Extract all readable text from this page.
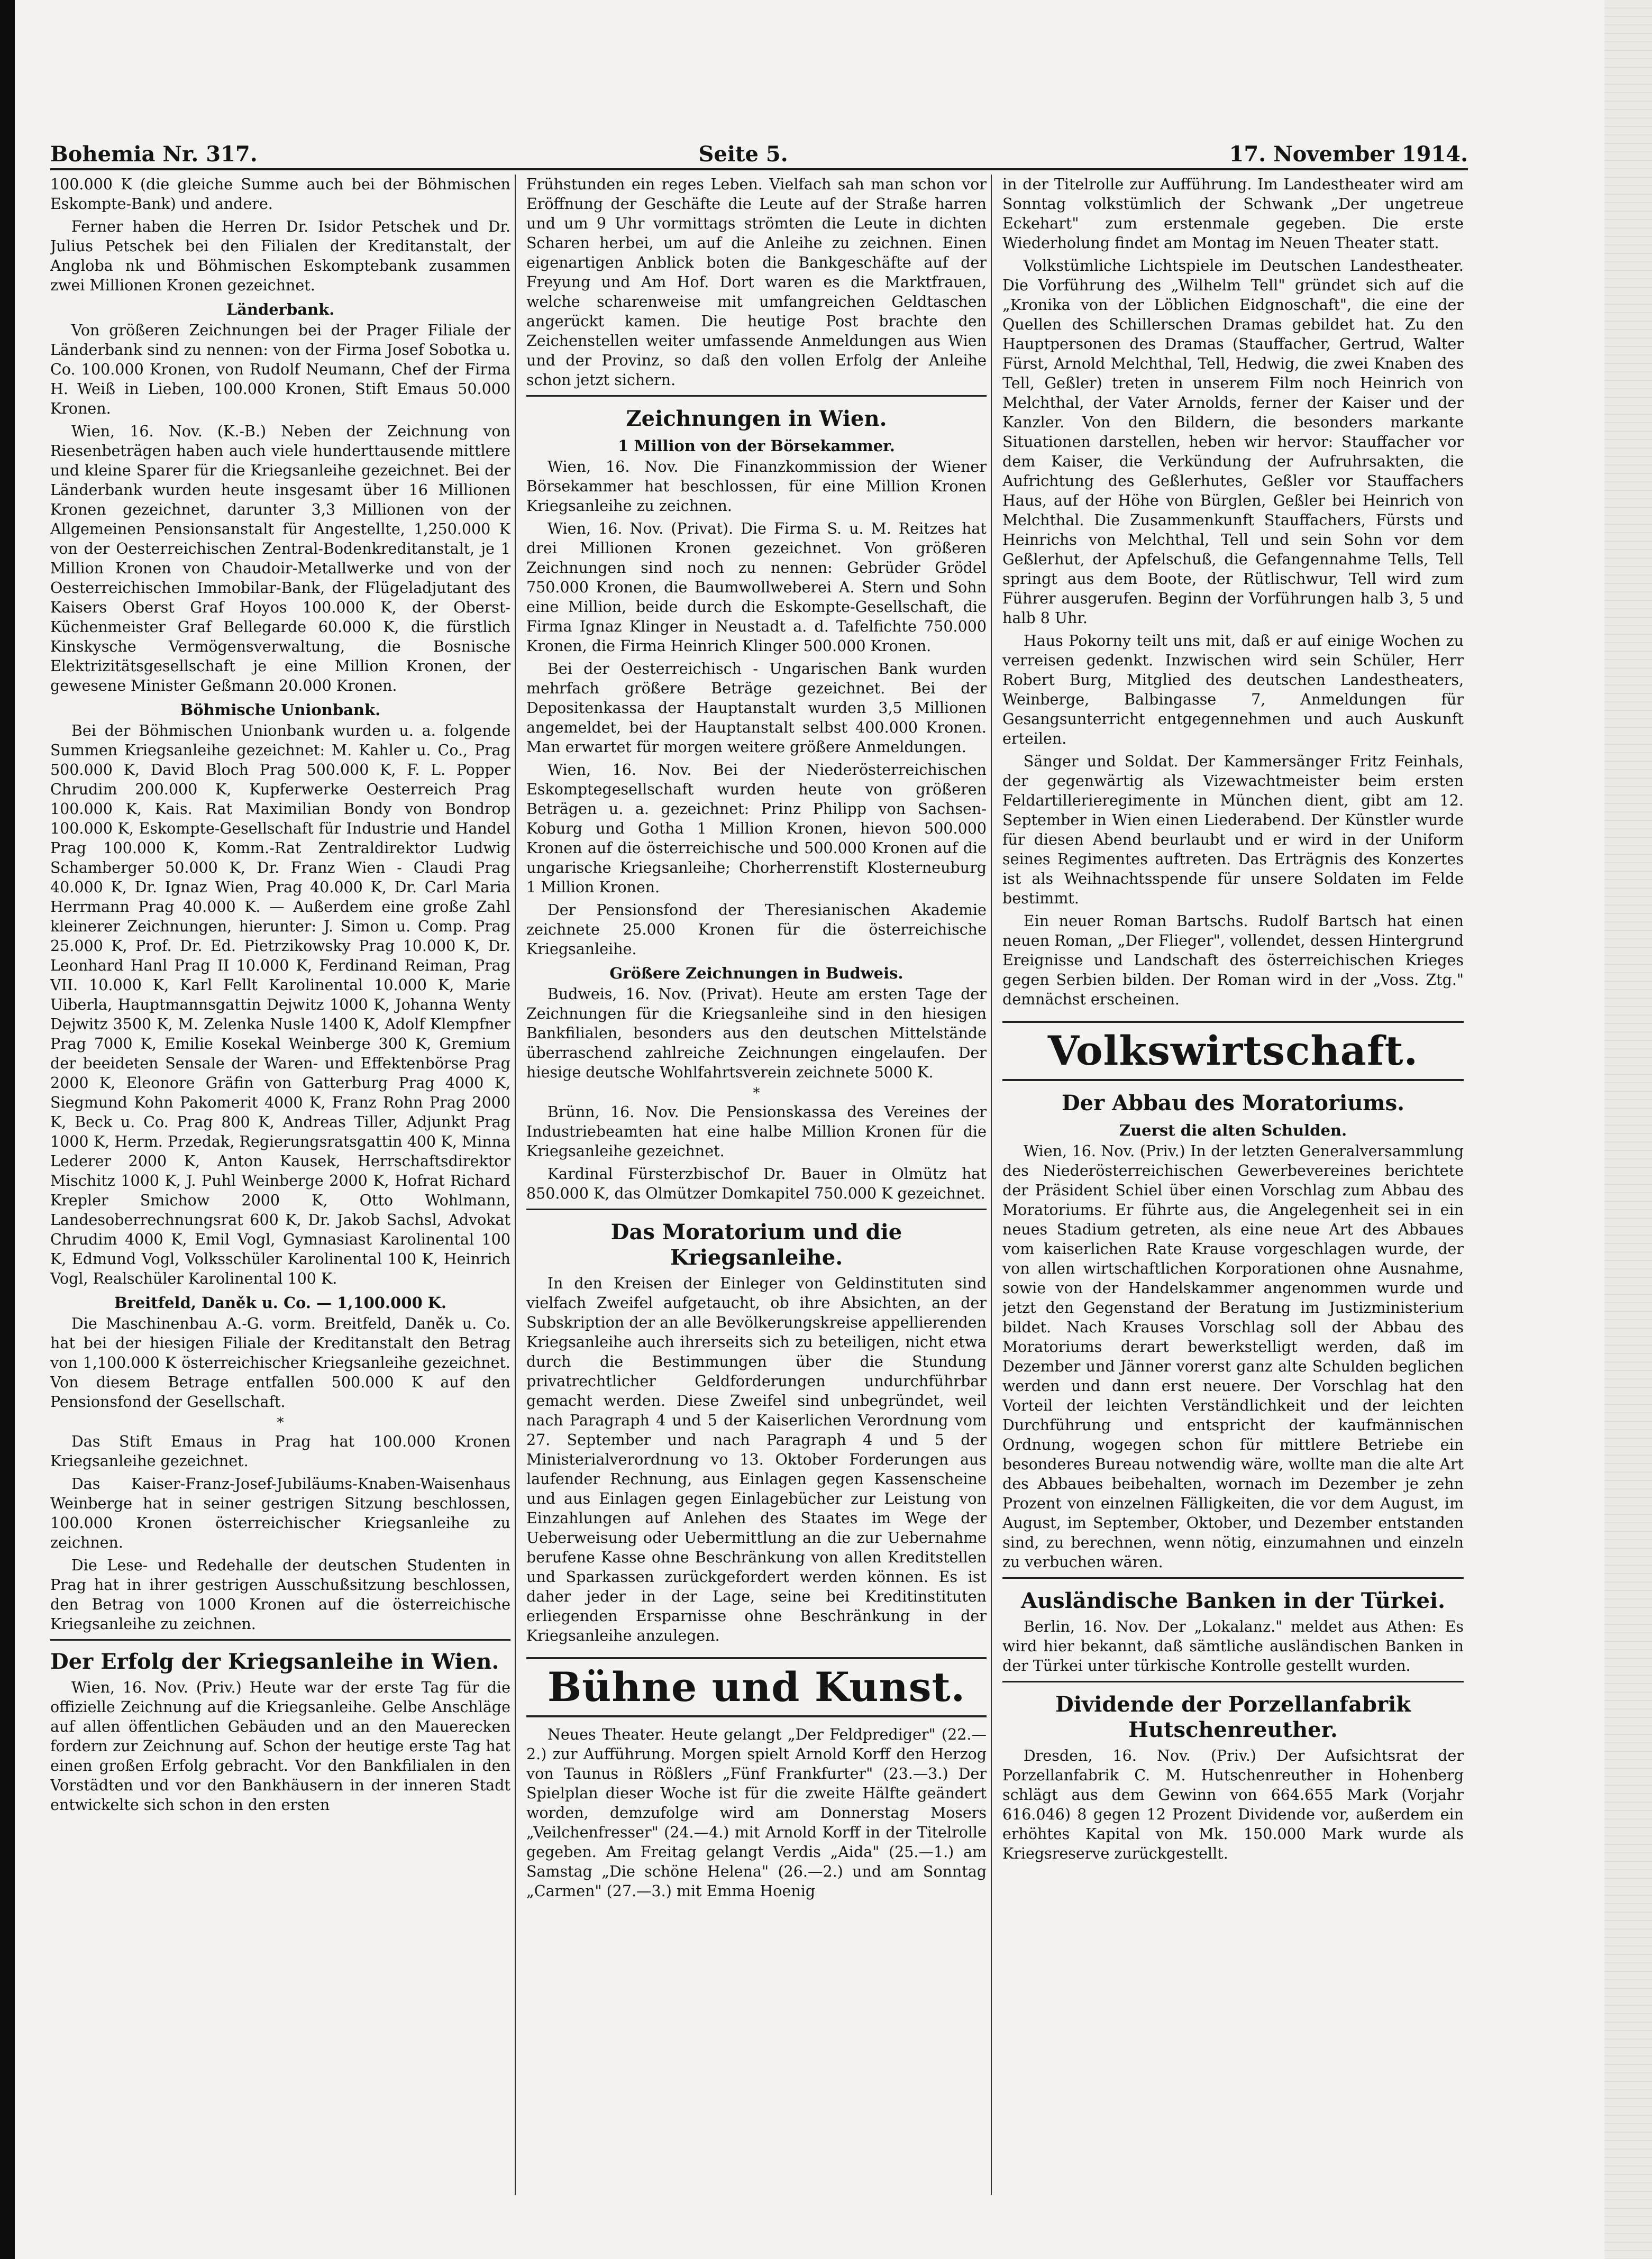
Bohemia Nr. 317.	Seite 5.	17. November 1914.

100.000 K (die gleiche Summe auch bei der Böhmischen Eskompte-Bank) und andere.

Ferner haben die Herren Dr. Isidor Petschek und Dr. Julius Petschek bei den Filialen der Kreditanstalt, der Angloba nk und Böhmischen Eskomptebank zusammen zwei Millionen Kronen gezeichnet.

Länderbank.

Von größeren Zeichnungen bei der Prager Filiale der Länderbank sind zu nennen: von der Firma Josef Sobotka u. Co. 100.000 Kronen, von Rudolf Neumann, Chef der Firma H. Weiß in Lieben, 100.000 Kronen, Stift Emaus 50.000 Kronen.

Wien, 16. Nov. (K.-B.) Neben der Zeichnung von Riesenbeträgen haben auch viele hunderttausende mittlere und kleine Sparer für die Kriegsanleihe gezeichnet. Bei der Länderbank wurden heute insgesamt über 16 Millionen Kronen gezeichnet, darunter 3,3 Millionen von der Allgemeinen Pensionsanstalt für Angestellte, 1,250.000 K von der Oesterreichischen Zentral-Bodenkreditanstalt, je 1 Million Kronen von Chaudoir-Metallwerke und von der Oesterreichischen Immobilar-Bank, der Flügeladjutant des Kaisers Oberst Graf Hoyos 100.000 K, der Oberst-Küchenmeister Graf Bellegarde 60.000 K, die fürstlich Kinskysche Vermögensverwaltung, die Bosnische Elektrizitätsgesellschaft je eine Million Kronen, der gewesene Minister Geßmann 20.000 Kronen.

Böhmische Unionbank.

Bei der Böhmischen Unionbank wurden u. a. folgende Summen Kriegsanleihe gezeichnet: M. Kahler u. Co., Prag 500.000 K, David Bloch Prag 500.000 K, F. L. Popper Chrudim 200.000 K, Kupferwerke Oesterreich Prag 100.000 K, Kais. Rat Maximilian Bondy von Bondrop 100.000 K, Eskompte-Gesellschaft für Industrie und Handel Prag 100.000 K, Komm.-Rat Zentraldirektor Ludwig Schamberger 50.000 K, Dr. Franz Wien - Claudi Prag 40.000 K, Dr. Ignaz Wien, Prag 40.000 K, Dr. Carl Maria Herrmann Prag 40.000 K. — Außerdem eine große Zahl kleinerer Zeichnungen, hierunter: J. Simon u. Comp. Prag 25.000 K, Prof. Dr. Ed. Pietrzikowsky Prag 10.000 K, Dr. Leonhard Hanl Prag II 10.000 K, Ferdinand Reiman, Prag VII. 10.000 K, Karl Fellt Karolinental 10.000 K, Marie Uiberla, Hauptmannsgattin Dejwitz 1000 K, Johanna Wenty Dejwitz 3500 K, M. Zelenka Nusle 1400 K, Adolf Klempfner Prag 7000 K, Emilie Kosekal Weinberge 300 K, Gremium der beeideten Sensale der Waren- und Effektenbörse Prag 2000 K, Eleonore Gräfin von Gatterburg Prag 4000 K, Siegmund Kohn Pakomerit 4000 K, Franz Rohn Prag 2000 K, Beck u. Co. Prag 800 K, Andreas Tiller, Adjunkt Prag 1000 K, Herm. Przedak, Regierungsratsgattin 400 K, Minna Lederer 2000 K, Anton Kausek, Herrschaftsdirektor Mischitz 1000 K, J. Puhl Weinberge 2000 K, Hofrat Richard Krepler Smichow 2000 K, Otto Wohlmann, Landesoberrechnungsrat 600 K, Dr. Jakob Sachsl, Advokat Chrudim 4000 K, Emil Vogl, Gymnasiast Karolinental 100 K, Edmund Vogl, Volksschüler Karolinental 100 K, Heinrich Vogl, Realschüler Karolinental 100 K.

Breitfeld, Daněk u. Co. — 1,100.000 K.

Die Maschinenbau A.-G. vorm. Breitfeld, Daněk u. Co. hat bei der hiesigen Filiale der Kreditanstalt den Betrag von 1,100.000 K österreichischer Kriegsanleihe gezeichnet. Von diesem Betrage entfallen 500.000 K auf den Pensionsfond der Gesellschaft.

*

Das Stift Emaus in Prag hat 100.000 Kronen Kriegsanleihe gezeichnet.

Das Kaiser-Franz-Josef-Jubiläums-Knaben-Waisenhaus Weinberge hat in seiner gestrigen Sitzung beschlossen, 100.000 Kronen österreichischer Kriegsanleihe zu zeichnen.

Die Lese- und Redehalle der deutschen Studenten in Prag hat in ihrer gestrigen Ausschußsitzung beschlossen, den Betrag von 1000 Kronen auf die österreichische Kriegsanleihe zu zeichnen.

Der Erfolg der Kriegsanleihe in Wien.

Wien, 16. Nov. (Priv.) Heute war der erste Tag für die offizielle Zeichnung auf die Kriegsanleihe. Gelbe Anschläge auf allen öffentlichen Gebäuden und an den Mauerecken fordern zur Zeichnung auf. Schon der heutige erste Tag hat einen großen Erfolg gebracht. Vor den Bankfilialen in den Vorstädten und vor den Bankhäusern in der inneren Stadt entwickelte sich schon in den ersten

Frühstunden ein reges Leben. Vielfach sah man schon vor Eröffnung der Geschäfte die Leute auf der Straße harren und um 9 Uhr vormittags strömten die Leute in dichten Scharen herbei, um auf die Anleihe zu zeichnen. Einen eigenartigen Anblick boten die Bankgeschäfte auf der Freyung und Am Hof. Dort waren es die Marktfrauen, welche scharenweise mit umfangreichen Geldtaschen angerückt kamen. Die heutige Post brachte den Zeichenstellen weiter umfassende Anmeldungen aus Wien und der Provinz, so daß den vollen Erfolg der Anleihe schon jetzt sichern.

Zeichnungen in Wien.
1 Million von der Börsekammer.

Wien, 16. Nov. Die Finanzkommission der Wiener Börsekammer hat beschlossen, für eine Million Kronen Kriegsanleihe zu zeichnen.

Wien, 16. Nov. (Privat). Die Firma S. u. M. Reitzes hat drei Millionen Kronen gezeichnet. Von größeren Zeichnungen sind noch zu nennen: Gebrüder Grödel 750.000 Kronen, die Baumwollweberei A. Stern und Sohn eine Million, beide durch die Eskompte-Gesellschaft, die Firma Ignaz Klinger in Neustadt a. d. Tafelfichte 750.000 Kronen, die Firma Heinrich Klinger 500.000 Kronen.

Bei der Oesterreichisch - Ungarischen Bank wurden mehrfach größere Beträge gezeichnet. Bei der Depositenkassa der Hauptanstalt wurden 3,5 Millionen angemeldet, bei der Hauptanstalt selbst 400.000 Kronen. Man erwartet für morgen weitere größere Anmeldungen.

Wien, 16. Nov. Bei der Niederösterreichischen Eskomptegesellschaft wurden heute von größeren Beträgen u. a. gezeichnet: Prinz Philipp von Sachsen-Koburg und Gotha 1 Million Kronen, hievon 500.000 Kronen auf die österreichische und 500.000 Kronen auf die ungarische Kriegsanleihe; Chorherrenstift Klosterneuburg 1 Million Kronen.

Der Pensionsfond der Theresianischen Akademie zeichnete 25.000 Kronen für die österreichische Kriegsanleihe.

Größere Zeichnungen in Budweis.

Budweis, 16. Nov. (Privat). Heute am ersten Tage der Zeichnungen für die Kriegsanleihe sind in den hiesigen Bankfilialen, besonders aus den deutschen Mittelstände überraschend zahlreiche Zeichnungen eingelaufen. Der hiesige deutsche Wohlfahrtsverein zeichnete 5000 K.

*

Brünn, 16. Nov. Die Pensionskassa des Vereines der Industriebeamten hat eine halbe Million Kronen für die Kriegsanleihe gezeichnet.

Kardinal Fürsterzbischof Dr. Bauer in Olmütz hat 850.000 K, das Olmützer Domkapitel 750.000 K gezeichnet.

Das Moratorium und die Kriegsanleihe.

In den Kreisen der Einleger von Geldinstituten sind vielfach Zweifel aufgetaucht, ob ihre Absichten, an der Subskription der an alle Bevölkerungskreise appellierenden Kriegsanleihe auch ihrerseits sich zu beteiligen, nicht etwa durch die Bestimmungen über die Stundung privatrechtlicher Geldforderungen undurchführbar gemacht werden. Diese Zweifel sind unbegründet, weil nach Paragraph 4 und 5 der Kaiserlichen Verordnung vom 27. September und nach Paragraph 4 und 5 der Ministerialverordnung vo 13. Oktober Forderungen aus laufender Rechnung, aus Einlagen gegen Kassenscheine und aus Einlagen gegen Einlagebücher zur Leistung von Einzahlungen auf Anlehen des Staates im Wege der Ueberweisung oder Uebermittlung an die zur Uebernahme berufene Kasse ohne Beschränkung von allen Kreditstellen und Sparkassen zurückgefordert werden können. Es ist daher jeder in der Lage, seine bei Kreditinstituten erliegenden Ersparnisse ohne Beschränkung in der Kriegsanleihe anzulegen.

Bühne und Kunst.

Neues Theater. Heute gelangt „Der Feldprediger" (22.—2.) zur Aufführung. Morgen spielt Arnold Korff den Herzog von Taunus in Rößlers „Fünf Frankfurter" (23.—3.) Der Spielplan dieser Woche ist für die zweite Hälfte geändert worden, demzufolge wird am Donnerstag Mosers „Veilchenfresser" (24.—4.) mit Arnold Korff in der Titelrolle gegeben. Am Freitag gelangt Verdis „Aida" (25.—1.) am Samstag „Die schöne Helena" (26.—2.) und am Sonntag „Carmen" (27.—3.) mit Emma Hoenig

in der Titelrolle zur Aufführung. Im Landestheater wird am Sonntag volkstümlich der Schwank „Der ungetreue Eckehart" zum erstenmale gegeben. Die erste Wiederholung findet am Montag im Neuen Theater statt.

Volkstümliche Lichtspiele im Deutschen Landestheater. Die Vorführung des „Wilhelm Tell" gründet sich auf die „Kronika von der Löblichen Eidgnoschaft", die eine der Quellen des Schillerschen Dramas gebildet hat. Zu den Hauptpersonen des Dramas (Stauffacher, Gertrud, Walter Fürst, Arnold Melchthal, Tell, Hedwig, die zwei Knaben des Tell, Geßler) treten in unserem Film noch Heinrich von Melchthal, der Vater Arnolds, ferner der Kaiser und der Kanzler. Von den Bildern, die besonders markante Situationen darstellen, heben wir hervor: Stauffacher vor dem Kaiser, die Verkündung der Aufruhrsakten, die Aufrichtung des Geßlerhutes, Geßler vor Stauffachers Haus, auf der Höhe von Bürglen, Geßler bei Heinrich von Melchthal. Die Zusammenkunft Stauffachers, Fürsts und Heinrichs von Melchthal, Tell und sein Sohn vor dem Geßlerhut, der Apfelschuß, die Gefangennahme Tells, Tell springt aus dem Boote, der Rütlischwur, Tell wird zum Führer ausgerufen. Beginn der Vorführungen halb 3, 5 und halb 8 Uhr.

Haus Pokorny teilt uns mit, daß er auf einige Wochen zu verreisen gedenkt. Inzwischen wird sein Schüler, Herr Robert Burg, Mitglied des deutschen Landestheaters, Weinberge, Balbingasse 7, Anmeldungen für Gesangsunterricht entgegennehmen und auch Auskunft erteilen.

Sänger und Soldat. Der Kammersänger Fritz Feinhals, der gegenwärtig als Vizewachtmeister beim ersten Feldartillerieregimente in München dient, gibt am 12. September in Wien einen Liederabend. Der Künstler wurde für diesen Abend beurlaubt und er wird in der Uniform seines Regimentes auftreten. Das Erträgnis des Konzertes ist als Weihnachtsspende für unsere Soldaten im Felde bestimmt.

Ein neuer Roman Bartschs. Rudolf Bartsch hat einen neuen Roman, „Der Flieger", vollendet, dessen Hintergrund Ereignisse und Landschaft des österreichischen Krieges gegen Serbien bilden. Der Roman wird in der „Voss. Ztg." demnächst erscheinen.

Volkswirtschaft.
Der Abbau des Moratoriums.
Zuerst die alten Schulden.

Wien, 16. Nov. (Priv.) In der letzten Generalversammlung des Niederösterreichischen Gewerbevereines berichtete der Präsident Schiel über einen Vorschlag zum Abbau des Moratoriums. Er führte aus, die Angelegenheit sei in ein neues Stadium getreten, als eine neue Art des Abbaues vom kaiserlichen Rate Krause vorgeschlagen wurde, der von allen wirtschaftlichen Korporationen ohne Ausnahme, sowie von der Handelskammer angenommen wurde und jetzt den Gegenstand der Beratung im Justizministerium bildet. Nach Krauses Vorschlag soll der Abbau des Moratoriums derart bewerkstelligt werden, daß im Dezember und Jänner vorerst ganz alte Schulden beglichen werden und dann erst neuere. Der Vorschlag hat den Vorteil der leichten Verständlichkeit und der leichten Durchführung und entspricht der kaufmännischen Ordnung, wogegen schon für mittlere Betriebe ein besonderes Bureau notwendig wäre, wollte man die alte Art des Abbaues beibehalten, wornach im Dezember je zehn Prozent von einzelnen Fälligkeiten, die vor dem August, im August, im September, Oktober, und Dezember entstanden sind, zu berechnen, wenn nötig, einzumahnen und einzeln zu verbuchen wären.

Ausländische Banken in der Türkei.

Berlin, 16. Nov. Der „Lokalanz." meldet aus Athen: Es wird hier bekannt, daß sämtliche ausländischen Banken in der Türkei unter türkische Kontrolle gestellt wurden.

Dividende der Porzellanfabrik Hutschenreuther.

Dresden, 16. Nov. (Priv.) Der Aufsichtsrat der Porzellanfabrik C. M. Hutschenreuther in Hohenberg schlägt aus dem Gewinn von 664.655 Mark (Vorjahr 616.046) 8 gegen 12 Prozent Dividende vor, außerdem ein erhöhtes Kapital von Mk. 150.000 Mark wurde als Kriegsreserve zurückgestellt.
